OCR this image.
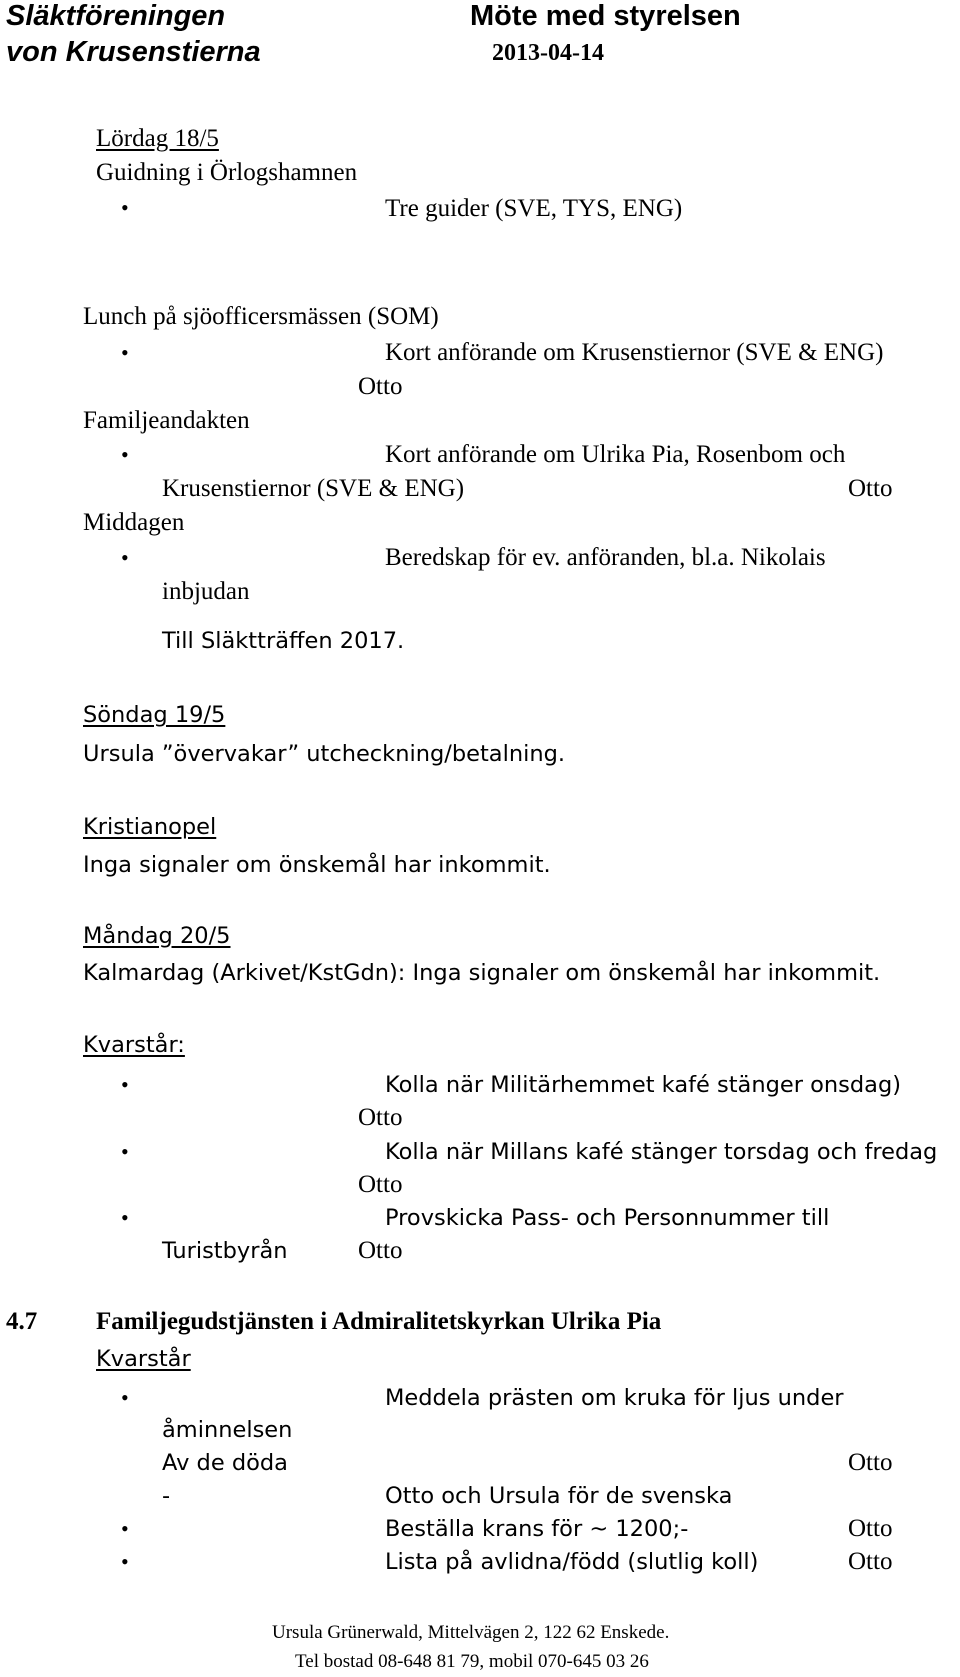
Släktföreningen
von Krusenstierna
Möte med styrelsen
2013-04-14
Lördag 18/5
Guidning i Örlogshamnen
•	Tre guider (SVE, TYS, ENG)
Lunch på sjöofficersmässen (SOM)
•	Kort anförande om Krusenstiernor (SVE & ENG)
Otto
Familjeandakten
•	Kort anförande om Ulrika Pia, Rosenbom och
Krusenstiernor (SVE & ENG)	Otto
Middagen
•	Beredskap för ev. anföranden, bl.a. Nikolais
inbjudan
Till Släktträffen 2017.
Söndag 19/5
Ursula ”övervakar” utcheckning/betalning.
Kristianopel
Inga signaler om önskemål har inkommit.
Måndag 20/5
Kalmardag (Arkivet/KstGdn): Inga signaler om önskemål har inkommit.
Kvarstår:
•	Kolla när Militärhemmet kafé stänger onsdag)
Otto
•	Kolla när Millans kafé stänger torsdag och fredag
Otto
•	Provskicka Pass- och Personnummer till
Turistbyrån	Otto
4.7 Familjegudstjänsten i Admiralitetskyrkan Ulrika Pia
Kvarstår
•	Meddela prästen om kruka för ljus under
åminnelsen
Av de döda	Otto
-	Otto och Ursula för de svenska
•	Beställa krans för ~ 1200;-	Otto
•	Lista på avlidna/född (slutlig koll)	Otto
Ursula Grünerwald, Mittelvägen 2, 122 62 Enskede.
Tel bostad 08-648 81 79, mobil 070-645 03 26
